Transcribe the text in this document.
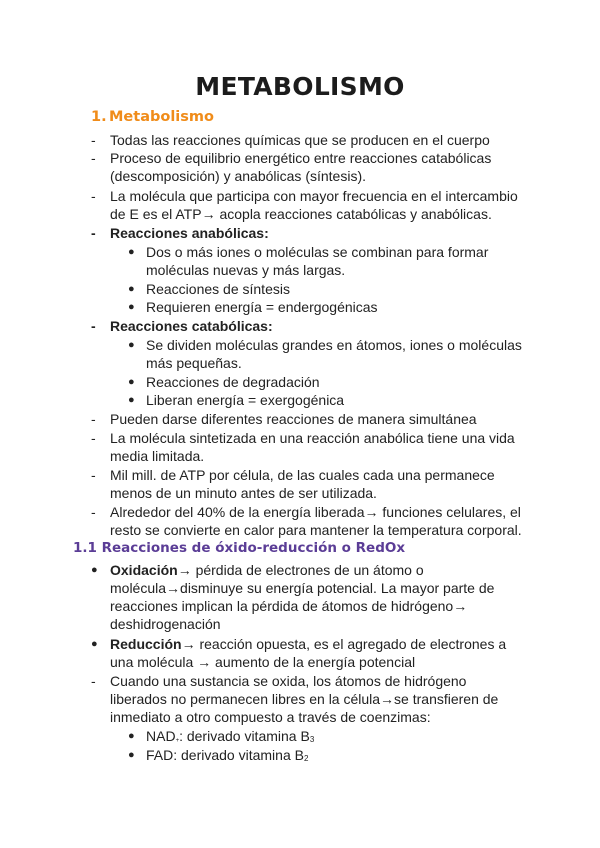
METABOLISMO
1. Metabolismo
- Todas las reacciones químicas que se producen en el cuerpo
- Proceso de equilibrio energético entre reacciones catabólicas
(descomposición) y anabólicas (síntesis).
- La molécula que participa con mayor frecuencia en el intercambio
de E es el ATP→ acopla reacciones catabólicas y anabólicas.
- Reacciones anabólicas:
● Dos o más iones o moléculas se combinan para formar
moléculas nuevas y más largas.
● Reacciones de síntesis
● Requieren energía = endergogénicas
- Reacciones catabólicas:
● Se dividen moléculas grandes en átomos, iones o moléculas
más pequeñas.
● Reacciones de degradación
● Liberan energía = exergogénica
- Pueden darse diferentes reacciones de manera simultánea
- La molécula sintetizada en una reacción anabólica tiene una vida
media limitada.
- Mil mill. de ATP por célula, de las cuales cada una permanece
menos de un minuto antes de ser utilizada.
- Alrededor del 40% de la energía liberada→ funciones celulares, el
resto se convierte en calor para mantener la temperatura corporal.
1.1 Reacciones de óxido-reducción o RedOx
● Oxidación→ pérdida de electrones de un átomo o
molécula→disminuye su energía potencial. La mayor parte de
reacciones implican la pérdida de átomos de hidrógeno→
deshidrogenación
● Reducción→ reacción opuesta, es el agregado de electrones a
una molécula → aumento de la energía potencial
- Cuando una sustancia se oxida, los átomos de hidrógeno
liberados no permanecen libres en la célula→se transfieren de
inmediato a otro compuesto a través de coenzimas:
● $NAD_+$: derivado vitamina $B_3$
● FAD: derivado vitamina $B_2$
